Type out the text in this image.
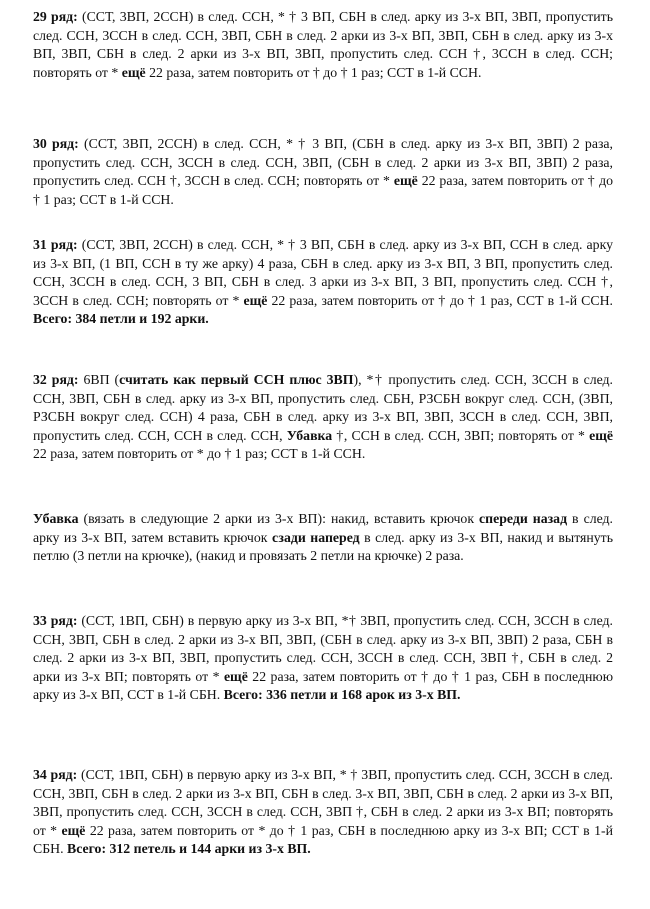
29 ряд: (ССТ, 3ВП, 2ССН) в след. ССН, * † 3 ВП, СБН в след. арку из 3-х ВП, 3ВП, пропустить след. ССН, 3ССН в след. ССН, 3ВП, СБН в след. 2 арки из 3-х ВП, 3ВП, СБН в след. арку из 3-х ВП, 3ВП, СБН в след. 2 арки из 3-х ВП, 3ВП, пропустить след. ССН †, 3ССН в след. ССН; повторять от * ещё 22 раза, затем повторить от † до † 1 раз; ССТ в 1-й ССН.

30 ряд: (ССТ, 3ВП, 2ССН) в след. ССН, * † 3 ВП, (СБН в след. арку из 3-х ВП, 3ВП) 2 раза, пропустить след. ССН, 3ССН в след. ССН, 3ВП, (СБН в след. 2 арки из 3-х ВП, 3ВП) 2 раза, пропустить след. ССН †, 3ССН в след. ССН; повторять от * ещё 22 раза, затем повторить от † до † 1 раз; ССТ в 1-й ССН.

31 ряд: (ССТ, 3ВП, 2ССН) в след. ССН, * † 3 ВП, СБН в след. арку из 3-х ВП, ССН в след. арку из 3-х ВП, (1 ВП, ССН в ту же арку) 4 раза, СБН в след. арку из 3-х ВП, 3 ВП, пропустить след. ССН, 3ССН в след. ССН, 3 ВП, СБН в след. 3 арки из 3-х ВП, 3 ВП, пропустить след. ССН †, 3ССН в след. ССН; повторять от * ещё 22 раза, затем повторить от † до † 1 раз, ССТ в 1-й ССН. Всего: 384 петли и 192 арки.

32 ряд: 6ВП (считать как первый ССН плюс 3ВП), *† пропустить след. ССН, 3ССН в след. ССН, 3ВП, СБН в след. арку из 3-х ВП, пропустить след. СБН, РЗСБН вокруг след. ССН, (3ВП, РЗСБН вокруг след. ССН) 4 раза, СБН в след. арку из 3-х ВП, 3ВП, 3ССН в след. ССН, 3ВП, пропустить след. ССН, ССН в след. ССН, Убавка †, ССН в след. ССН, 3ВП; повторять от * ещё 22 раза, затем повторить от * до † 1 раз; ССТ в 1-й ССН.

Убавка (вязать в следующие 2 арки из 3-х ВП): накид, вставить крючок спереди назад в след. арку из 3-х ВП, затем вставить крючок сзади наперед в след. арку из 3-х ВП, накид и вытянуть петлю (3 петли на крючке), (накид и провязать 2 петли на крючке) 2 раза.

33 ряд: (ССТ, 1ВП, СБН) в первую арку из 3-х ВП, *† 3ВП, пропустить след. ССН, 3ССН в след. ССН, 3ВП, СБН в след. 2 арки из 3-х ВП, 3ВП, (СБН в след. арку из 3-х ВП, 3ВП) 2 раза, СБН в след. 2 арки из 3-х ВП, 3ВП, пропустить след. ССН, 3ССН в след. ССН, 3ВП †, СБН в след. 2 арки из 3-х ВП; повторять от * ещё 22 раза, затем повторить от † до † 1 раз, СБН в последнюю арку из 3-х ВП, ССТ в 1-й СБН. Всего: 336 петли и 168 арок из 3-х ВП.

34 ряд: (ССТ, 1ВП, СБН) в первую арку из 3-х ВП, * † 3ВП, пропустить след. ССН, 3ССН в след. ССН, 3ВП, СБН в след. 2 арки из 3-х ВП, СБН в след. 3-х ВП, 3ВП, СБН в след. 2 арки из 3-х ВП, 3ВП, пропустить след. ССН, 3ССН в след. ССН, 3ВП †, СБН в след. 2 арки из 3-х ВП; повторять от * ещё 22 раза, затем повторить от * до † 1 раз, СБН в последнюю арку из 3-х ВП; ССТ в 1-й СБН. Всего: 312 петель и 144 арки из 3-х ВП.
